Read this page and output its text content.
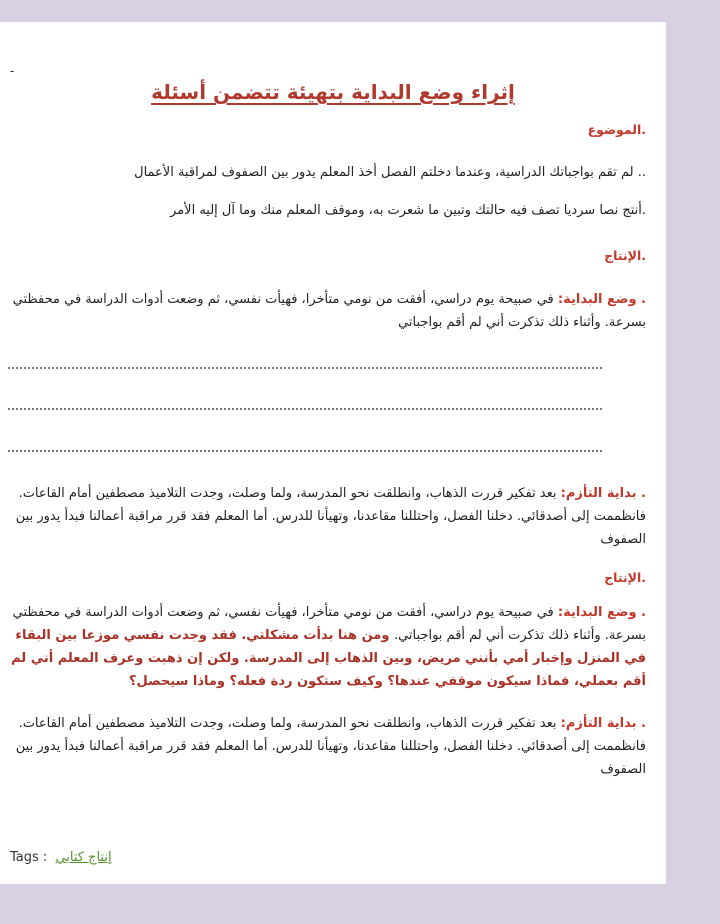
-
إثراء وضع البداية بتهيئة تتضمن أسئلة
.الموضوع
.. لم تقم بواجباتك الدراسية، وعندما دخلتم الفصل أخذ المعلم يدور بين الصفوف لمراقبة الأعمال
.أنتج نصا سرديا تصف فيه حالتك وتبين ما شعرت به، وموقف المعلم منك وما آل إليه الأمر
.الإنتاج
. وضع البداية: في صبيحة يوم دراسي، أفقت من نومي متأخرا، فهيأت نفسي، ثم وضعت أدوات الدراسة في محفظتي بسرعة. وأثناء ذلك تذكرت أني لم أقم بواجباتي
. بداية التأزم: بعد تفكير قررت الذهاب، وانطلقت نحو المدرسة، ولما وصلت، وجدت التلاميذ مصطفين أمام القاعات. فانظممت إلى أصدقائي. دخلنا الفصل، واحتللنا مقاعدنا، وتهيأنا للدرس. أما المعلم فقد قرر مراقبة أعمالنا فبدأ يدور بين الصفوف
.الإنتاج
. وضع البداية: في صبيحة يوم دراسي، أفقت من نومي متأخرا، فهيأت نفسي، ثم وضعت أدوات الدراسة في محفظتي بسرعة. وأثناء ذلك تذكرت أني لم أقم بواجباتي. ومن هنا بدأت مشكلتي. فقد وجدت نفسي موزعا بين البقاء في المنزل وإخبار أمي بأنني مريض، وبين الذهاب إلى المدرسة. ولكن إن ذهبت وعرف المعلم أني لم أقم بعملي، فماذا سيكون موقفي عندها؟ وكيف ستكون ردة فعله؟ وماذا سيحصل؟
. بداية التأزم: بعد تفكير قررت الذهاب، وانطلقت نحو المدرسة، ولما وصلت، وجدت التلاميذ مصطفين أمام القاعات. فانظممت إلى أصدقائي. دخلنا الفصل، واحتللنا مقاعدنا، وتهيأنا للدرس. أما المعلم فقد قرر مراقبة أعمالنا فبدأ يدور بين الصفوف
Tags : إنتاج كتابي
